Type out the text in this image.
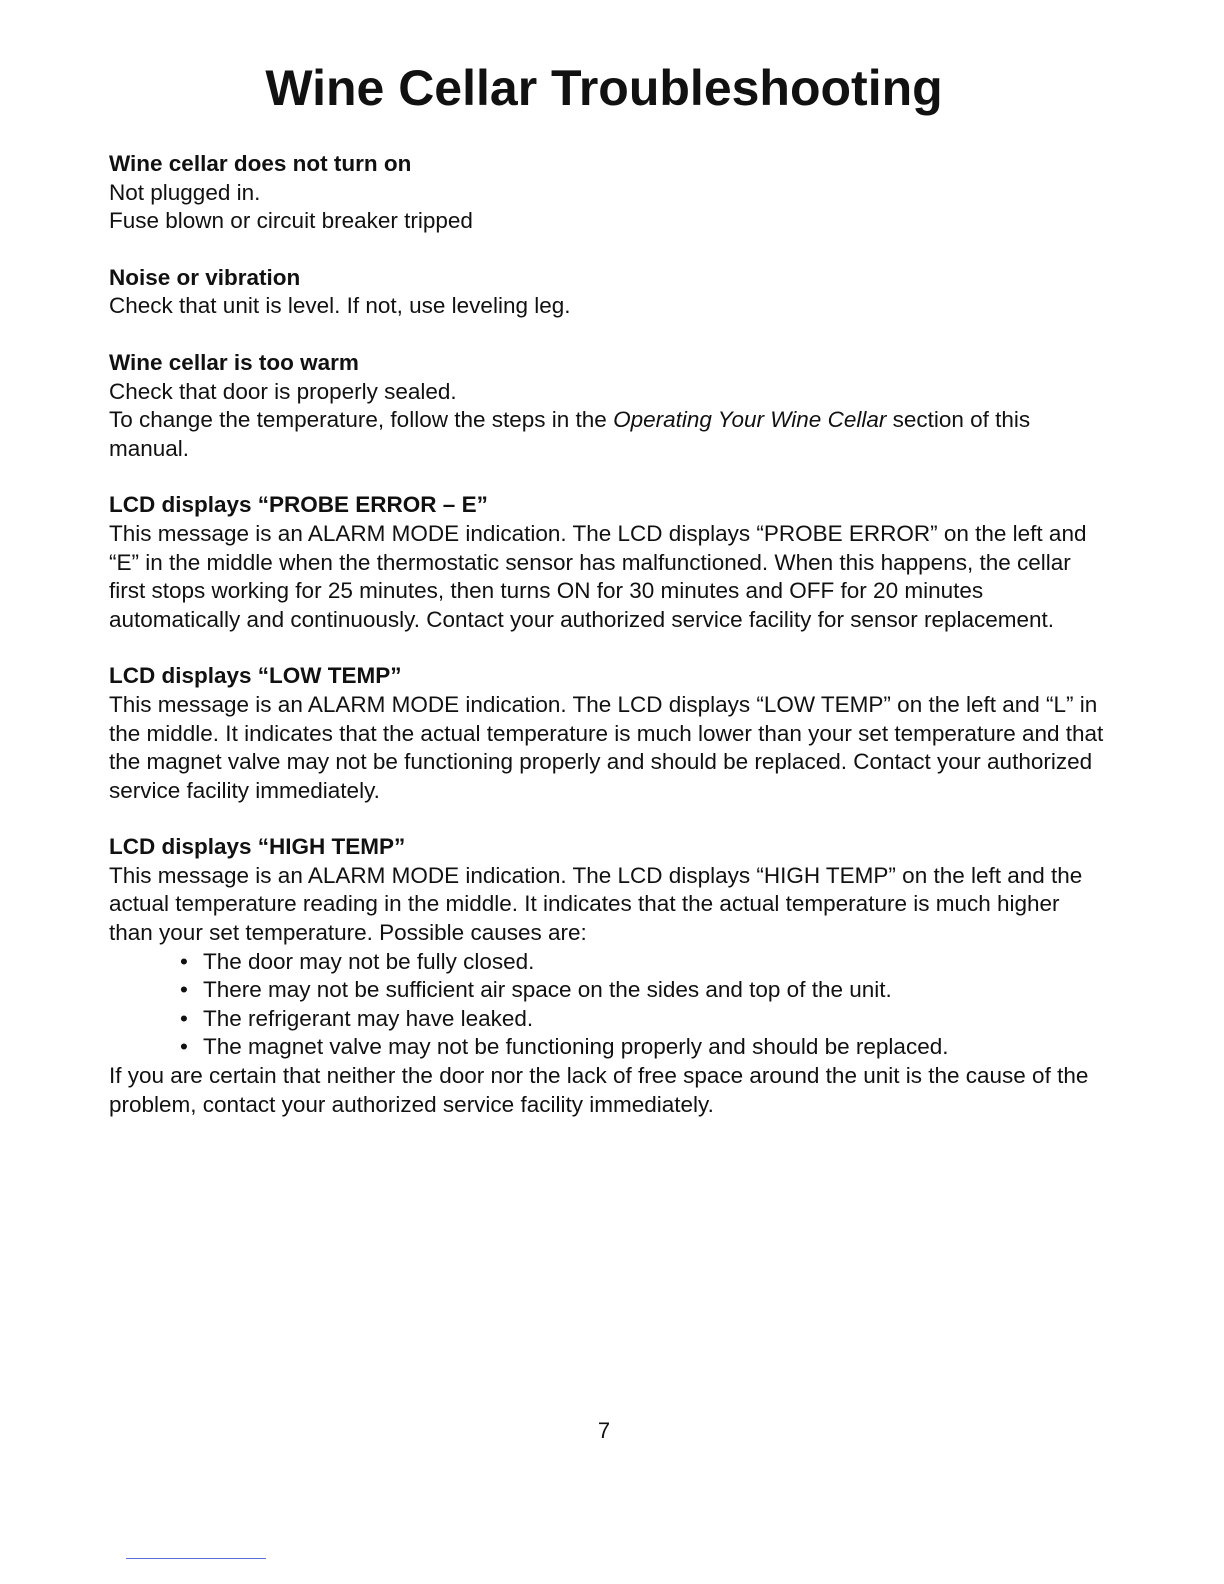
Wine Cellar Troubleshooting

Wine cellar does not turn on

Not plugged in.
Fuse blown or circuit breaker tripped

Noise or vibration

Check that unit is level. If not, use leveling leg.

Wine cellar is too warm

Check that door is properly sealed.
To change the temperature, follow the steps in the Operating Your Wine Cellar section of this manual.

LCD displays “PROBE ERROR – E”

This message is an ALARM MODE indication. The LCD displays “PROBE ERROR” on the left and “E” in the middle when the thermostatic sensor has malfunctioned. When this happens, the cellar first stops working for 25 minutes, then turns ON for 30 minutes and OFF for 20 minutes automatically and continuously. Contact your authorized service facility for sensor replacement.

LCD displays “LOW TEMP”

This message is an ALARM MODE indication. The LCD displays “LOW TEMP” on the left and “L” in the middle. It indicates that the actual temperature is much lower than your set temperature and that the magnet valve may not be functioning properly and should be replaced. Contact your authorized service facility immediately.

LCD displays “HIGH TEMP”

This message is an ALARM MODE indication. The LCD displays “HIGH TEMP” on the left and the actual temperature reading in the middle. It indicates that the actual temperature is much higher than your set temperature. Possible causes are:
• The door may not be fully closed.
• There may not be sufficient air space on the sides and top of the unit.
• The refrigerant may have leaked.
• The magnet valve may not be functioning properly and should be replaced.
If you are certain that neither the door nor the lack of free space around the unit is the cause of the problem, contact your authorized service facility immediately.
7
